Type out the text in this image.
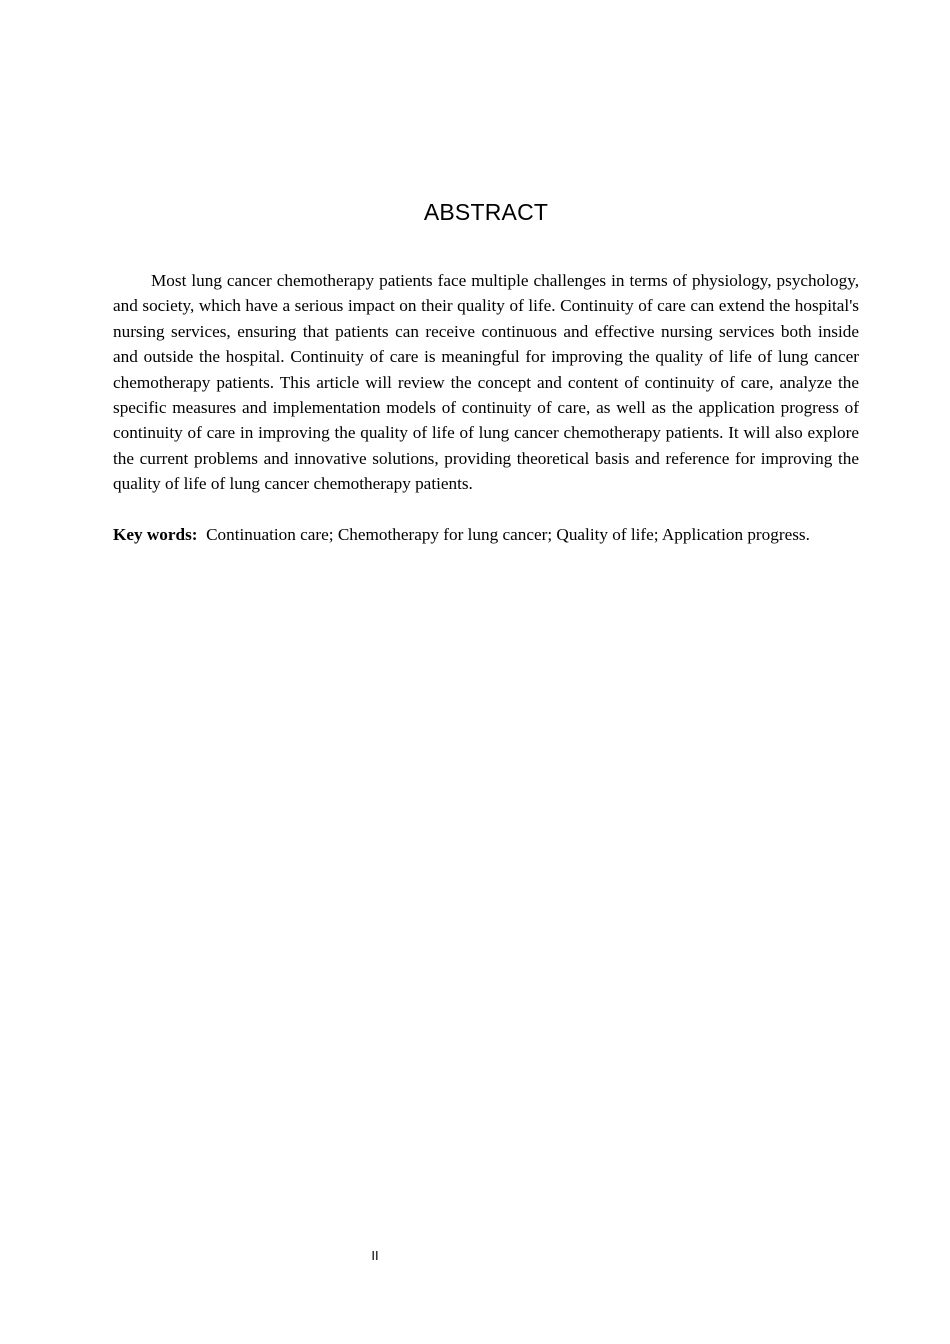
ABSTRACT

Most lung cancer chemotherapy patients face multiple challenges in terms of physiology, psychology, and society, which have a serious impact on their quality of life. Continuity of care can extend the hospital's nursing services, ensuring that patients can receive continuous and effective nursing services both inside and outside the hospital. Continuity of care is meaningful for improving the quality of life of lung cancer chemotherapy patients. This article will review the concept and content of continuity of care, analyze the specific measures and implementation models of continuity of care, as well as the application progress of continuity of care in improving the quality of life of lung cancer chemotherapy patients. It will also explore the current problems and innovative solutions, providing theoretical basis and reference for improving the quality of life of lung cancer chemotherapy patients.

Key words: Continuation care; Chemotherapy for lung cancer; Quality of life; Application progress.

II
